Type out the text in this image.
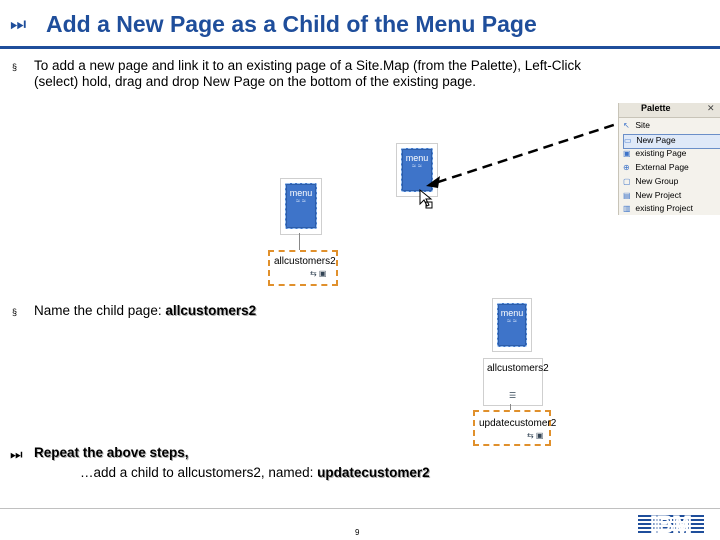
⏭ Add a New Page as a Child of the Menu Page
§ To add a new page and link it to an existing page of a Site.Map (from the Palette), Left-Click
(select) hold, drag and drop New Page on the bottom of the existing page.
menu
≈ ≈
allcustomers2
⇆ ▣
menu
≈ ≈
Palette	✕
↖ Site
▭ New Page
▣ existing Page
⊕ External Page
▢ New Group
▤ New Project
▥ existing Project
§ Name the child page: allcustomers2	menu
≈ ≈
allcustomers2
☰
updatecustomer2
⇆ ▣
⏭ Repeat the above steps,
…add a child to allcustomers2, named: updatecustomer2
9	IBM
